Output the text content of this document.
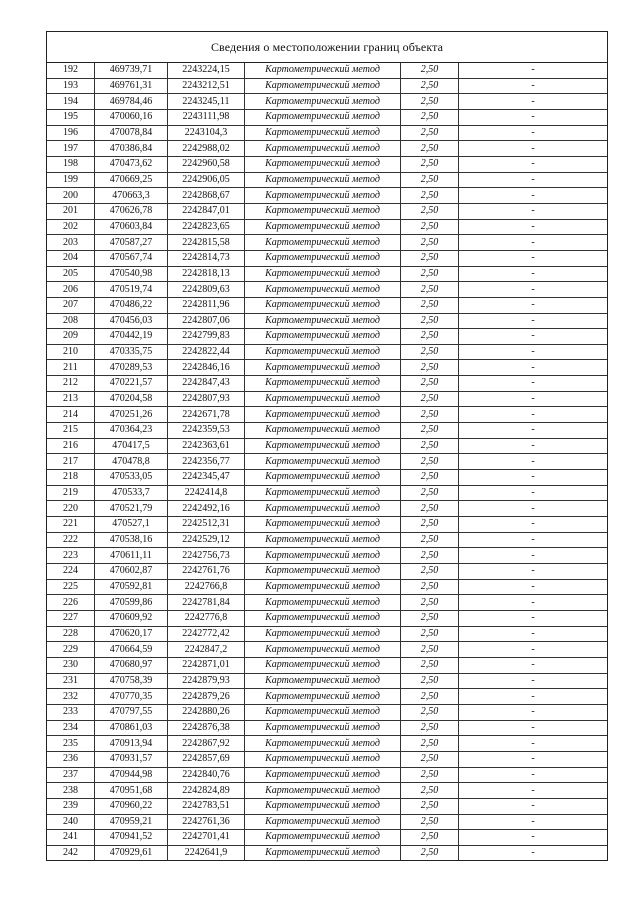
Сведения о местоположении границ объекта
192	469739,71	2243224,15	Картометрический метод	2,50	-
193	469761,31	2243212,51	Картометрический метод	2,50	-
194	469784,46	2243245,11	Картометрический метод	2,50	-
195	470060,16	2243111,98	Картометрический метод	2,50	-
196	470078,84	2243104,3	Картометрический метод	2,50	-
197	470386,84	2242988,02	Картометрический метод	2,50	-
198	470473,62	2242960,58	Картометрический метод	2,50	-
199	470669,25	2242906,05	Картометрический метод	2,50	-
200	470663,3	2242868,67	Картометрический метод	2,50	-
201	470626,78	2242847,01	Картометрический метод	2,50	-
202	470603,84	2242823,65	Картометрический метод	2,50	-
203	470587,27	2242815,58	Картометрический метод	2,50	-
204	470567,74	2242814,73	Картометрический метод	2,50	-
205	470540,98	2242818,13	Картометрический метод	2,50	-
206	470519,74	2242809,63	Картометрический метод	2,50	-
207	470486,22	2242811,96	Картометрический метод	2,50	-
208	470456,03	2242807,06	Картометрический метод	2,50	-
209	470442,19	2242799,83	Картометрический метод	2,50	-
210	470335,75	2242822,44	Картометрический метод	2,50	-
211	470289,53	2242846,16	Картометрический метод	2,50	-
212	470221,57	2242847,43	Картометрический метод	2,50	-
213	470204,58	2242807,93	Картометрический метод	2,50	-
214	470251,26	2242671,78	Картометрический метод	2,50	-
215	470364,23	2242359,53	Картометрический метод	2,50	-
216	470417,5	2242363,61	Картометрический метод	2,50	-
217	470478,8	2242356,77	Картометрический метод	2,50	-
218	470533,05	2242345,47	Картометрический метод	2,50	-
219	470533,7	2242414,8	Картометрический метод	2,50	-
220	470521,79	2242492,16	Картометрический метод	2,50	-
221	470527,1	2242512,31	Картометрический метод	2,50	-
222	470538,16	2242529,12	Картометрический метод	2,50	-
223	470611,11	2242756,73	Картометрический метод	2,50	-
224	470602,87	2242761,76	Картометрический метод	2,50	-
225	470592,81	2242766,8	Картометрический метод	2,50	-
226	470599,86	2242781,84	Картометрический метод	2,50	-
227	470609,92	2242776,8	Картометрический метод	2,50	-
228	470620,17	2242772,42	Картометрический метод	2,50	-
229	470664,59	2242847,2	Картометрический метод	2,50	-
230	470680,97	2242871,01	Картометрический метод	2,50	-
231	470758,39	2242879,93	Картометрический метод	2,50	-
232	470770,35	2242879,26	Картометрический метод	2,50	-
233	470797,55	2242880,26	Картометрический метод	2,50	-
234	470861,03	2242876,38	Картометрический метод	2,50	-
235	470913,94	2242867,92	Картометрический метод	2,50	-
236	470931,57	2242857,69	Картометрический метод	2,50	-
237	470944,98	2242840,76	Картометрический метод	2,50	-
238	470951,68	2242824,89	Картометрический метод	2,50	-
239	470960,22	2242783,51	Картометрический метод	2,50	-
240	470959,21	2242761,36	Картометрический метод	2,50	-
241	470941,52	2242701,41	Картометрический метод	2,50	-
242	470929,61	2242641,9	Картометрический метод	2,50	-
